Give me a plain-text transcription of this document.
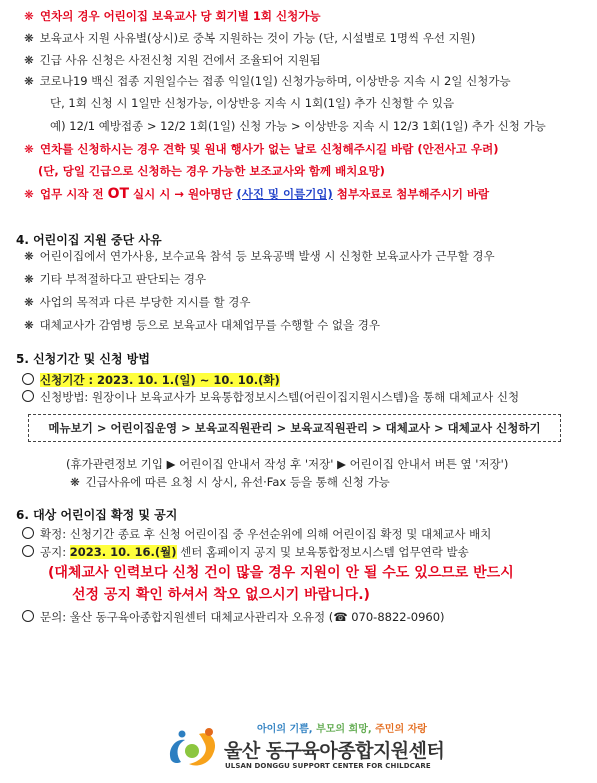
❋ 연차의 경우 어린이집 보육교사 당 회기별 1회 신청가능
❋ 보육교사 지원 사유별(상시)로 중복 지원하는 것이 가능 (단, 시설별로 1명씩 우선 지원)
❋ 긴급 사유 신청은 사전신청 지원 건에서 조율되어 지원됨
❋ 코로나19 백신 접종 지원일수는 접종 익일(1일) 신청가능하며, 이상반응 지속 시 2일 신청가능
단, 1회 신청 시 1일만 신청가능, 이상반응 지속 시 1회(1일) 추가 신청할 수 있음
예) 12/1 예방접종 > 12/2 1회(1일) 신청 가능 > 이상반응 지속 시 12/3 1회(1일) 추가 신청 가능
❋ 연차를 신청하시는 경우 견학 및 원내 행사가 없는 날로 신청해주시길 바람 (안전사고 우려)
(단, 당일 긴급으로 신청하는 경우 가능한 보조교사와 함께 배치요망)
❋ 업무 시작 전 OT 실시 시 → 원아명단 (사진 및 이름기입) 첨부자료로 첨부해주시기 바람
4. 어린이집 지원 중단 사유
❋ 어린이집에서 연가사용, 보수교육 참석 등 보육공백 발생 시 신청한 보육교사가 근무할 경우
❋ 기타 부적절하다고 판단되는 경우
❋ 사업의 목적과 다른 부당한 지시를 할 경우
❋ 대체교사가 감염병 등으로 보육교사 대체업무를 수행할 수 없을 경우
5. 신청기간 및 신청 방법
신청기간 : 2023. 10. 1.(일) ~ 10. 10.(화)
신청방법: 원장이나 보육교사가 보육통합정보시스템(어린이집지원시스템)을 통해 대체교사 신청
메뉴보기 > 어린이집운영 > 보육교직원관리 > 보육교직원관리 > 대체교사 > 대체교사 신청하기
(휴가관련정보 기입 ▶ 어린이집 안내서 작성 후 '저장' ▶ 어린이집 안내서 버튼 옆 '저장')
❋ 긴급사유에 따른 요청 시 상시, 유선·Fax 등을 통해 신청 가능
6. 대상 어린이집 확정 및 공지
확정: 신청기간 종료 후 신청 어린이집 중 우선순위에 의해 어린이집 확정 및 대체교사 배치
공지: 2023. 10. 16.(월) 센터 홈페이지 공지 및 보육통합정보시스템 업무연락 발송
(대체교사 인력보다 신청 건이 많을 경우 지원이 안 될 수도 있으므로 반드시
선정 공지 확인 하셔서 착오 없으시기 바랍니다.)
문의: 울산 동구육아종합지원센터 대체교사관리자 오유정 (☎ 070-8822-0960)
아이의 기쁨, 부모의 희망, 주민의 자랑
울산 동구육아종합지원센터
ULSAN DONGGU SUPPORT CENTER FOR CHILDCARE
